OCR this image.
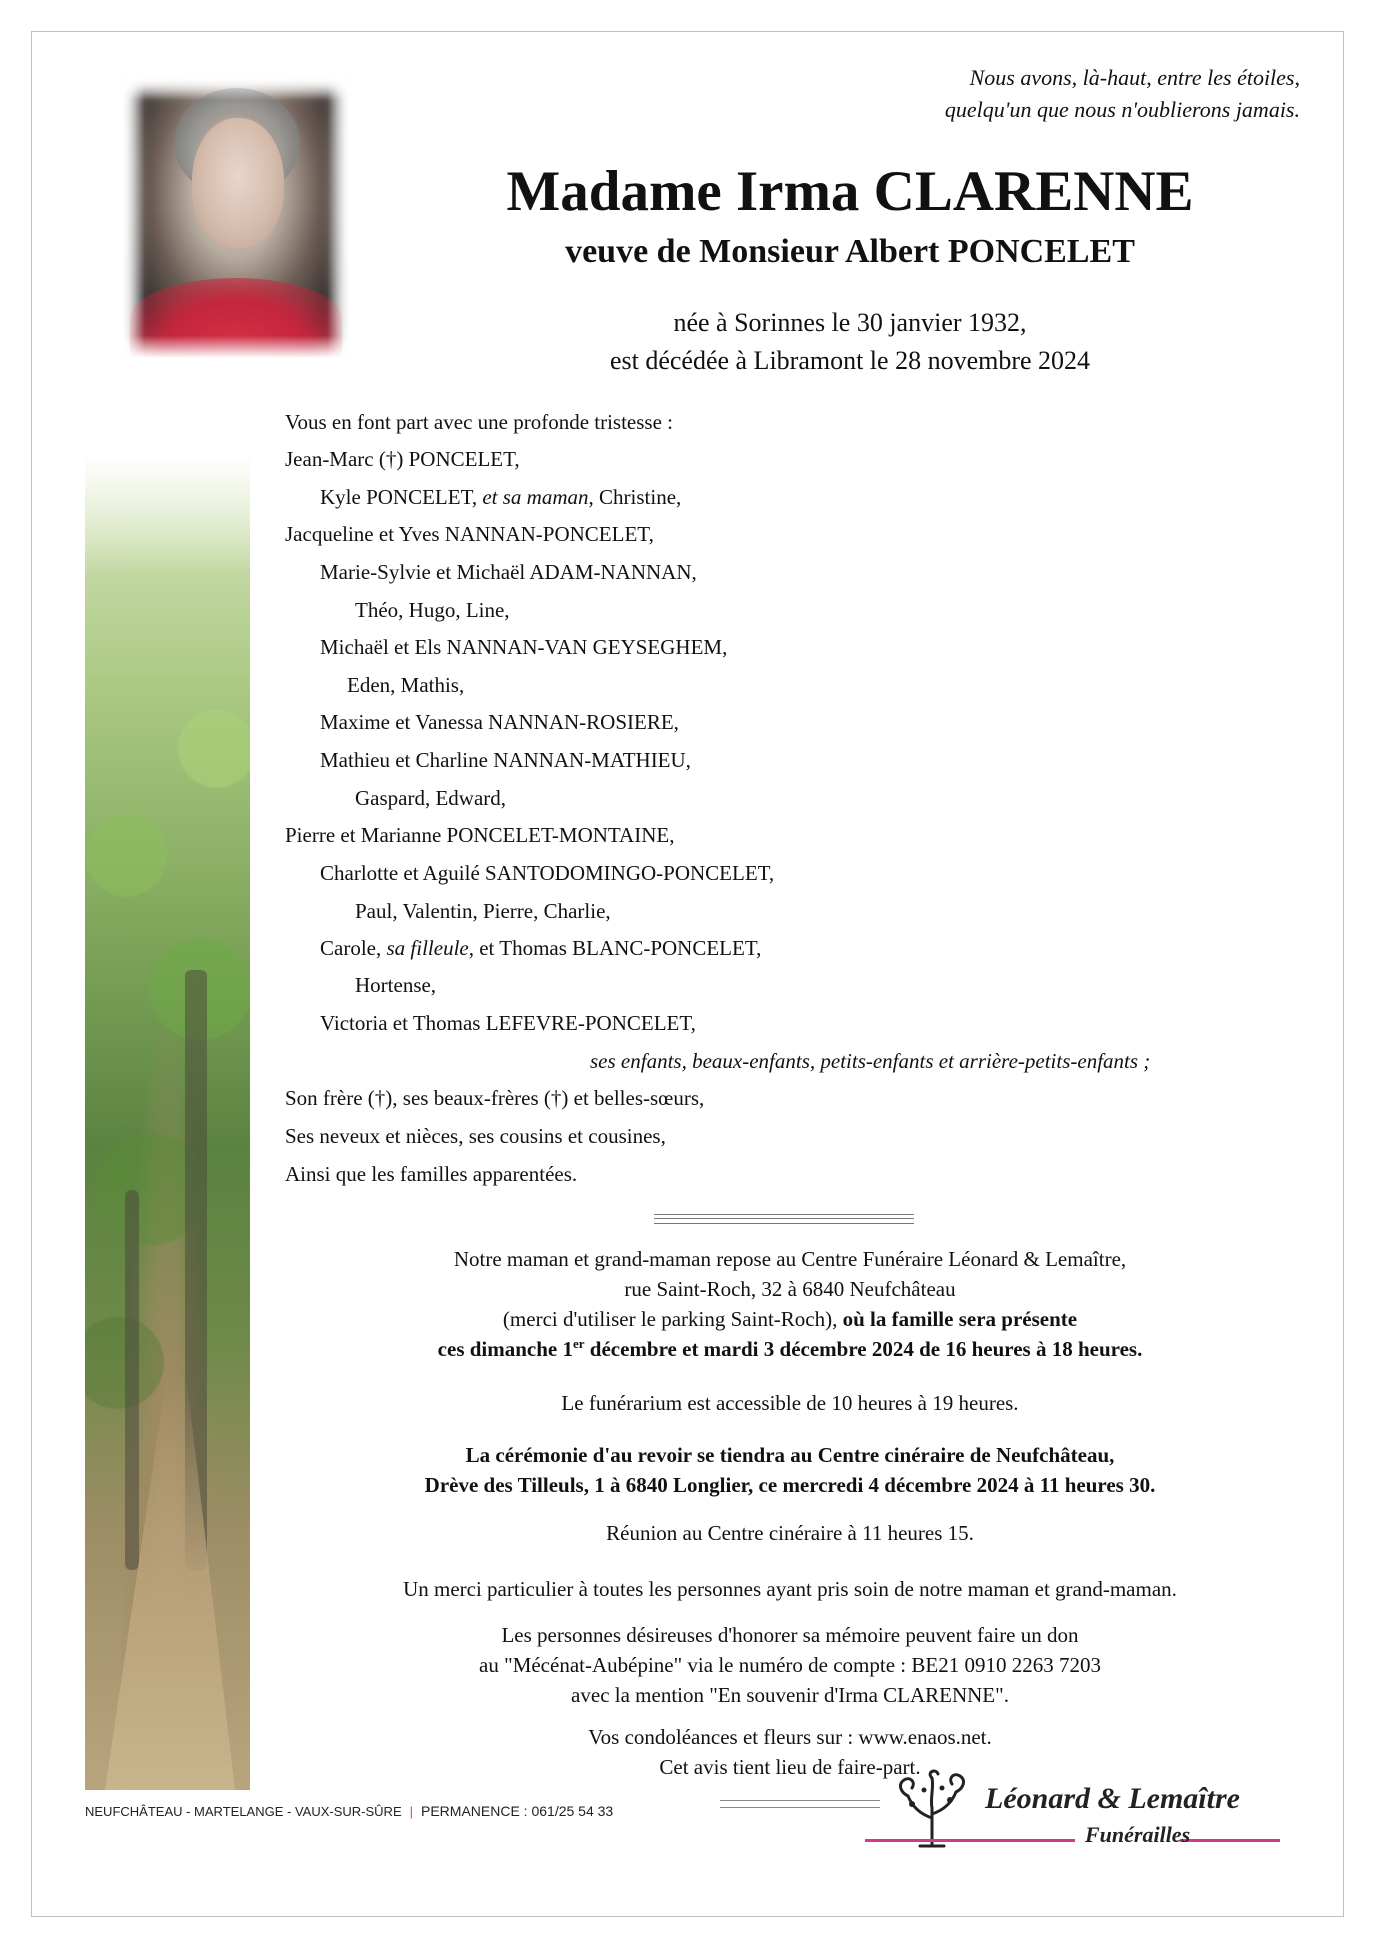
Nous avons, là-haut, entre les étoiles,
quelqu'un que nous n'oublierons jamais.
Madame Irma CLARENNE
veuve de Monsieur Albert PONCELET
née à Sorinnes le 30 janvier 1932,
est décédée à Libramont le 28 novembre 2024
Vous en font part avec une profonde tristesse :
Jean-Marc (†) PONCELET,
Kyle PONCELET, et sa maman, Christine,
Jacqueline et Yves NANNAN-PONCELET,
Marie-Sylvie et Michaël ADAM-NANNAN,
Théo, Hugo, Line,
Michaël et Els NANNAN-VAN GEYSEGHEM,
Eden, Mathis,
Maxime et Vanessa NANNAN-ROSIERE,
Mathieu et Charline NANNAN-MATHIEU,
Gaspard, Edward,
Pierre et Marianne PONCELET-MONTAINE,
Charlotte et Aguilé SANTODOMINGO-PONCELET,
Paul, Valentin, Pierre, Charlie,
Carole, sa filleule, et Thomas BLANC-PONCELET,
Hortense,
Victoria et Thomas LEFEVRE-PONCELET,
ses enfants, beaux-enfants, petits-enfants et arrière-petits-enfants ;
Son frère (†), ses beaux-frères (†) et belles-sœurs,
Ses neveux et nièces, ses cousins et cousines,
Ainsi que les familles apparentées.

Notre maman et grand-maman repose au Centre Funéraire Léonard & Lemaître,

rue Saint-Roch, 32 à 6840 Neufchâteau

(merci d'utiliser le parking Saint-Roch), où la famille sera présente

ces dimanche 1er décembre et mardi 3 décembre 2024 de 16 heures à 18 heures.

Le funérarium est accessible de 10 heures à 19 heures.

La cérémonie d'au revoir se tiendra au Centre cinéraire de Neufchâteau,

Drève des Tilleuls, 1 à 6840 Longlier, ce mercredi 4 décembre 2024 à 11 heures 30.

Réunion au Centre cinéraire à 11 heures 15.
Un merci particulier à toutes les personnes ayant pris soin de notre maman et grand-maman.

Les personnes désireuses d'honorer sa mémoire peuvent faire un don

au "Mécénat-Aubépine" via le numéro de compte : BE21 0910 2263 7203

avec la mention "En souvenir d'Irma CLARENNE".

Vos condoléances et fleurs sur : www.enaos.net.

Cet avis tient lieu de faire-part.

NEUFCHÂTEAU - MARTELANGE - VAUX-SUR-SÛRE | PERMANENCE : 061/25 54 33	Léonard & Lemaître
Funérailles
